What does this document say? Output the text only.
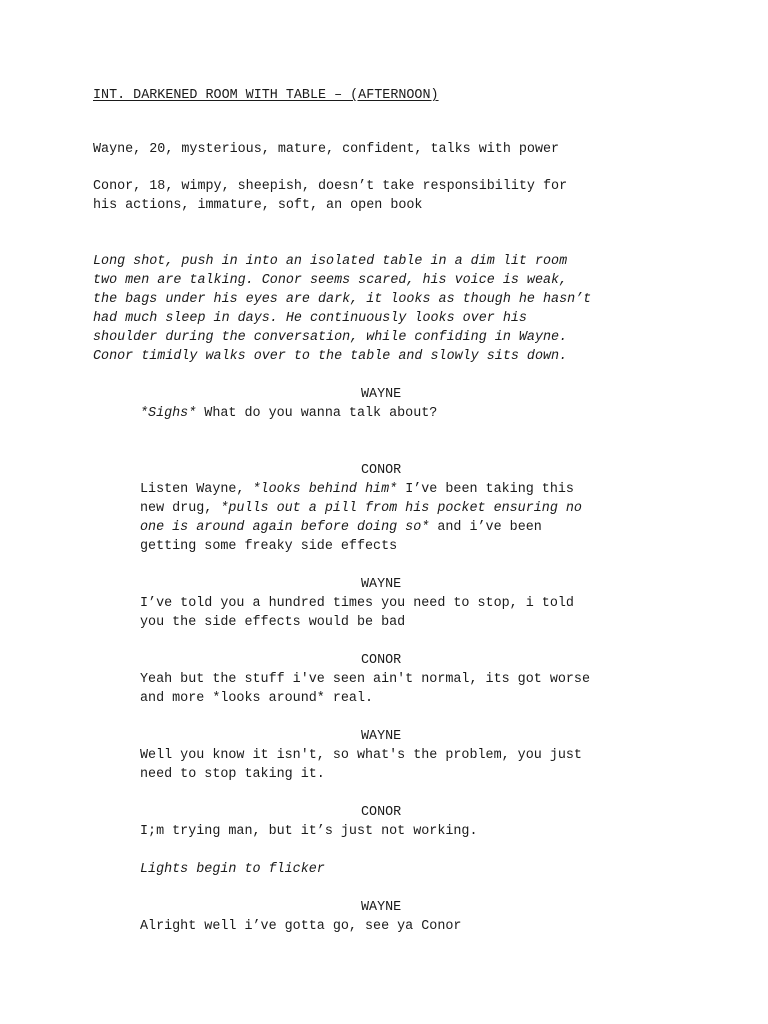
INT. DARKENED ROOM WITH TABLE – (AFTERNOON)
Wayne, 20, mysterious, mature, confident, talks with power
Conor, 18, wimpy, sheepish, doesn’t take responsibility for
his actions, immature, soft, an open book
Long shot, push in into an isolated table in a dim lit room
two men are talking. Conor seems scared, his voice is weak,
the bags under his eyes are dark, it looks as though he hasn’t
had much sleep in days. He continuously looks over his
shoulder during the conversation, while confiding in Wayne.
Conor timidly walks over to the table and slowly sits down.
WAYNE
*Sighs* What do you wanna talk about?
CONOR
Listen Wayne, *looks behind him* I’ve been taking this
new drug, *pulls out a pill from his pocket ensuring no
one is around again before doing so* and i’ve been
getting some freaky side effects
WAYNE
I’ve told you a hundred times you need to stop, i told
you the side effects would be bad
CONOR
Yeah but the stuff i've seen ain't normal, its got worse
and more *looks around* real.
WAYNE
Well you know it isn't, so what's the problem, you just
need to stop taking it.
CONOR
I;m trying man, but it’s just not working.
Lights begin to flicker
WAYNE
Alright well i’ve gotta go, see ya Conor
